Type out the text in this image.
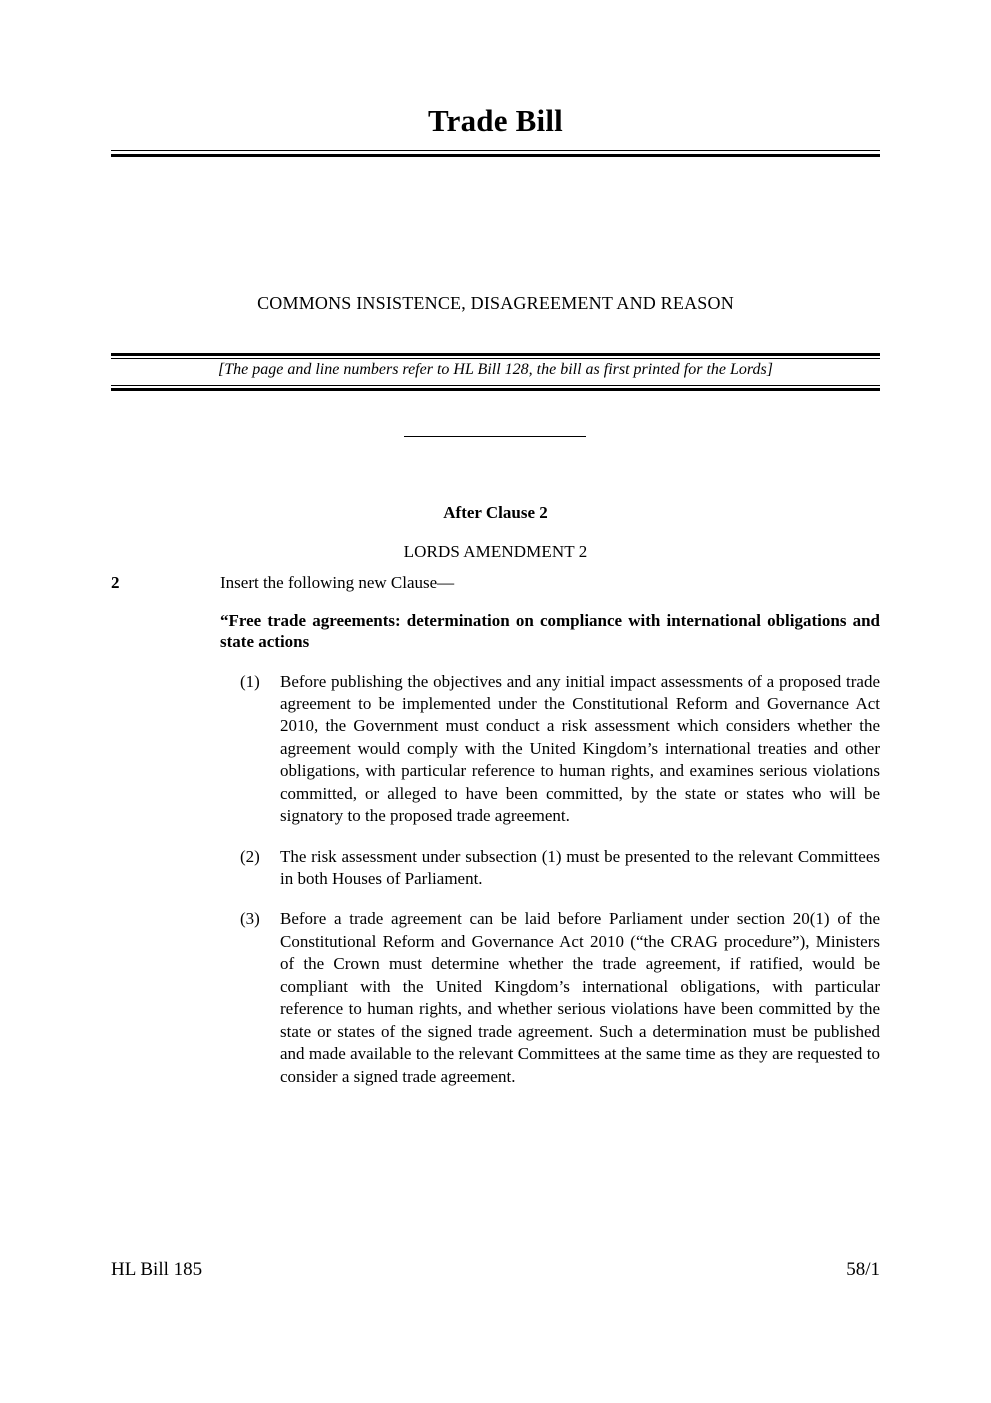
Trade Bill
COMMONS INSISTENCE, DISAGREEMENT AND REASON
[The page and line numbers refer to HL Bill 128, the bill as first printed for the Lords]
After Clause 2
LORDS AMENDMENT 2
2	Insert the following new Clause—
“Free trade agreements: determination on compliance with international obligations and state actions
(1)	Before publishing the objectives and any initial impact assessments of a proposed trade agreement to be implemented under the Constitutional Reform and Governance Act 2010, the Government must conduct a risk assessment which considers whether the agreement would comply with the United Kingdom’s international treaties and other obligations, with particular reference to human rights, and examines serious violations committed, or alleged to have been committed, by the state or states who will be signatory to the proposed trade agreement.
(2)	The risk assessment under subsection (1) must be presented to the relevant Committees in both Houses of Parliament.
(3)	Before a trade agreement can be laid before Parliament under section 20(1) of the Constitutional Reform and Governance Act 2010 (“the CRAG procedure”), Ministers of the Crown must determine whether the trade agreement, if ratified, would be compliant with the United Kingdom’s international obligations, with particular reference to human rights, and whether serious violations have been committed by the state or states of the signed trade agreement. Such a determination must be published and made available to the relevant Committees at the same time as they are requested to consider a signed trade agreement.
HL Bill 185	58/1
